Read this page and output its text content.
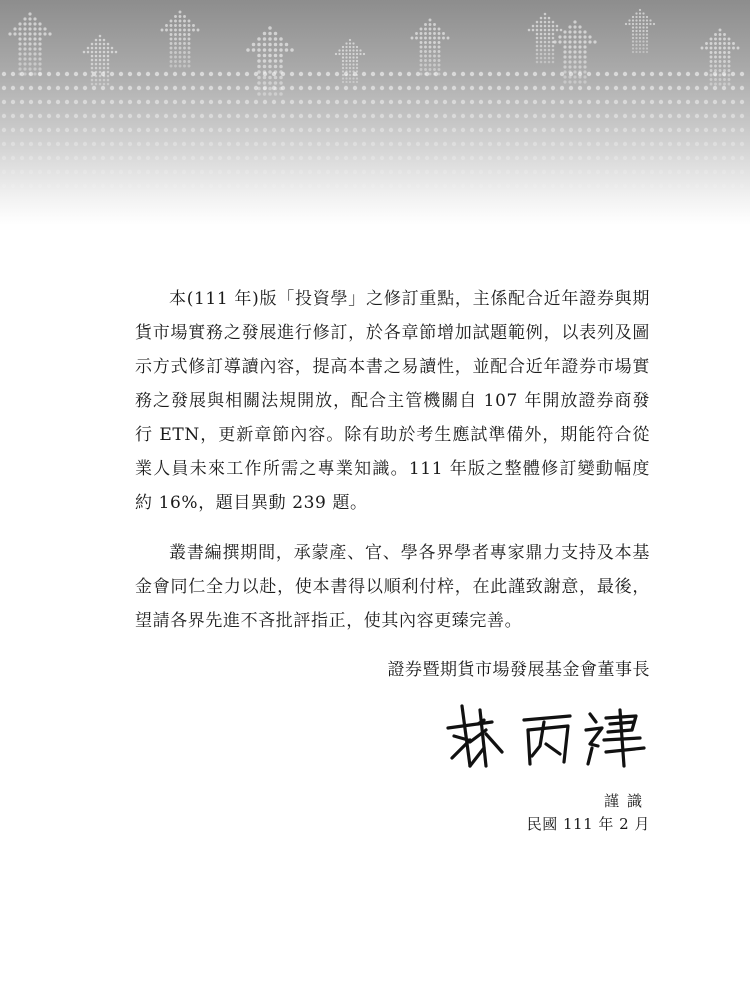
本(111 年)版「投資學」之修訂重點，主係配合近年證券與期貨市場實務之發展進行修訂，於各章節增加試題範例，以表列及圖示方式修訂導讀內容，提高本書之易讀性，並配合近年證券市場實務之發展與相關法規開放，配合主管機關自 107 年開放證券商發行 ETN，更新章節內容。除有助於考生應試準備外，期能符合從業人員未來工作所需之專業知識。111 年版之整體修訂變動幅度約 16%，題目異動 239 題。

叢書編撰期間，承蒙產、官、學各界學者專家鼎力支持及本基金會同仁全力以赴，使本書得以順利付梓，在此謹致謝意，最後，望請各界先進不吝批評指正，使其內容更臻完善。

證券暨期貨市場發展基金會董事長
謹識
民國 111 年 2 月
